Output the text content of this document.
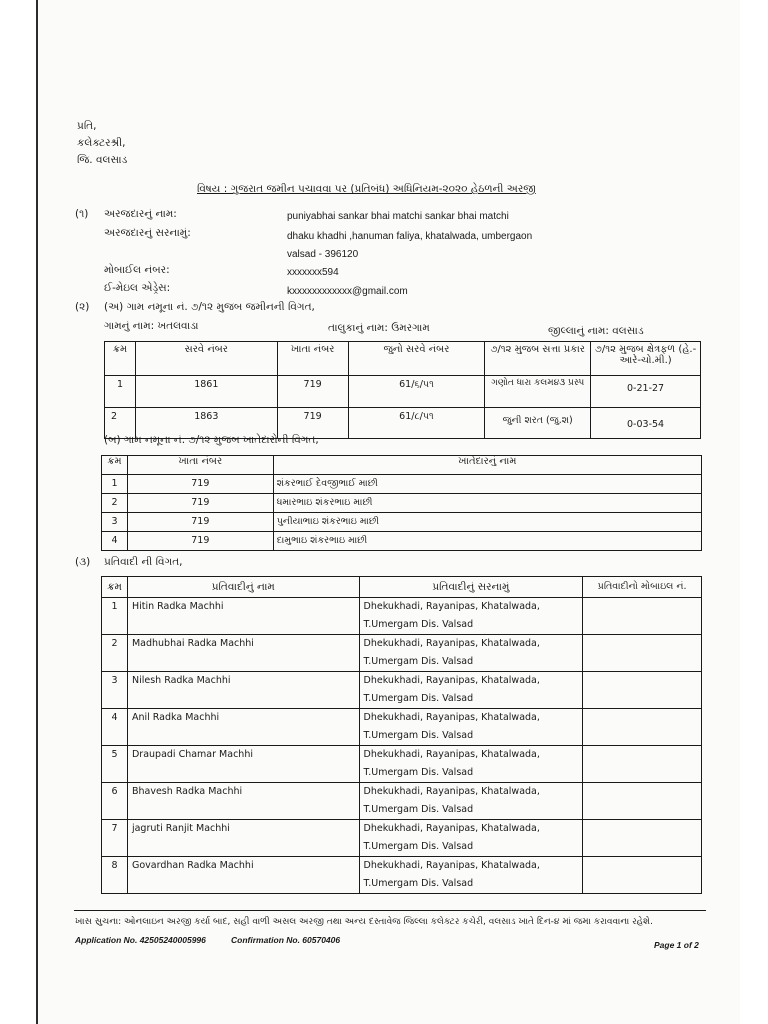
પ્રતિ,
કલેક્ટરશ્રી,
જિ. વલસાડ
વિષય : ગુજરાત જમીન પચાવવા પર (પ્રતિબંધ) અધિનિયમ-૨૦૨૦ હેઠળની અરજી
(૧) અરજદારનું નામ:	puniyabhai sankar bhai matchi sankar bhai matchi
અરજદારનું સરનામું:	dhaku khadhi ,hanuman faliya, khatalwada, umbergaon
valsad - 396120
મોબાઈલ નંબર:	xxxxxxx594
ઈ-મેઇલ એડ્રેસ:	kxxxxxxxxxxxx@gmail.com
(૨) (અ) ગામ નમૂના નં. ૭/૧૨ મુજબ જમીનની વિગત,
ગામનું નામ: ખતલવાડા	તાલુકાનું નામ: ઉમરગામ	જીલ્લાનું નામ: વલસાડ
ક્રમ	સરવે નંબર	ખાતા નંબર	જુનો સરવે નંબર	૭/૧૨ મુજબ સત્તા પ્રકાર	૭/૧૨ મુજબ ક્ષેત્રફળ (હે.-આરે-ચો.મી.)
1	1861	719	61/૬/પ૧	ગણોત ધારા કલમ૪૩ પ્રસ્પ	0-21-27
2	1863	719	61/૮/પ૧	જુની શરત (જુ.શ)	0-03-54
(બ) ગામ નમૂના નં. ૭/૧૨ મુજબ ખાતેદારોની વિગત,
ક્રમ	ખાતા નંબર	ખાતેદારનું નામ
1	719	શંકરભાઈ દેવજીભાઈ માછી
2	719	ધમારભાઇ શંકરભાઇ માછી
3	719	પુનીયાભાઇ શંકરભાઇ માછી
4	719	દામુભાઇ શંકરભાઇ માછી
(૩) પ્રતિવાદી ની વિગત,
ક્રમ	પ્રતિવાદીનું નામ	પ્રતિવાદીનું સરનામું	પ્રતિવાદીનો મોબાઇલ નં.
1	Hitin Radka Machhi	Dhekukhadi, Rayanipas, Khatalwada,
T.Umergam Dis. Valsad	

2	Madhubhai Radka Machhi	Dhekukhadi, Rayanipas, Khatalwada,
T.Umergam Dis. Valsad	

3	Nilesh Radka Machhi	Dhekukhadi, Rayanipas, Khatalwada,
T.Umergam Dis. Valsad	

4	Anil Radka Machhi	Dhekukhadi, Rayanipas, Khatalwada,
T.Umergam Dis. Valsad	

5	Draupadi Chamar Machhi	Dhekukhadi, Rayanipas, Khatalwada,
T.Umergam Dis. Valsad	

6	Bhavesh Radka Machhi	Dhekukhadi, Rayanipas, Khatalwada,
T.Umergam Dis. Valsad	

7	jagruti Ranjit Machhi	Dhekukhadi, Rayanipas, Khatalwada,
T.Umergam Dis. Valsad	

8	Govardhan Radka Machhi	Dhekukhadi, Rayanipas, Khatalwada,
T.Umergam Dis. Valsad	

ખાસ સુચના: ઓનલાઇન અરજી કર્યા બાદ, સહી વાળી અસલ અરજી તથા અન્ય દસ્તાવેજ જિલ્લા કલેક્ટર કચેરી, વલસાડ ખાતે દિન-૪ માં જમા કરાવવાના રહેશે.
Application No. 42505240005996	Confirmation No. 60570406	Page 1 of 2
